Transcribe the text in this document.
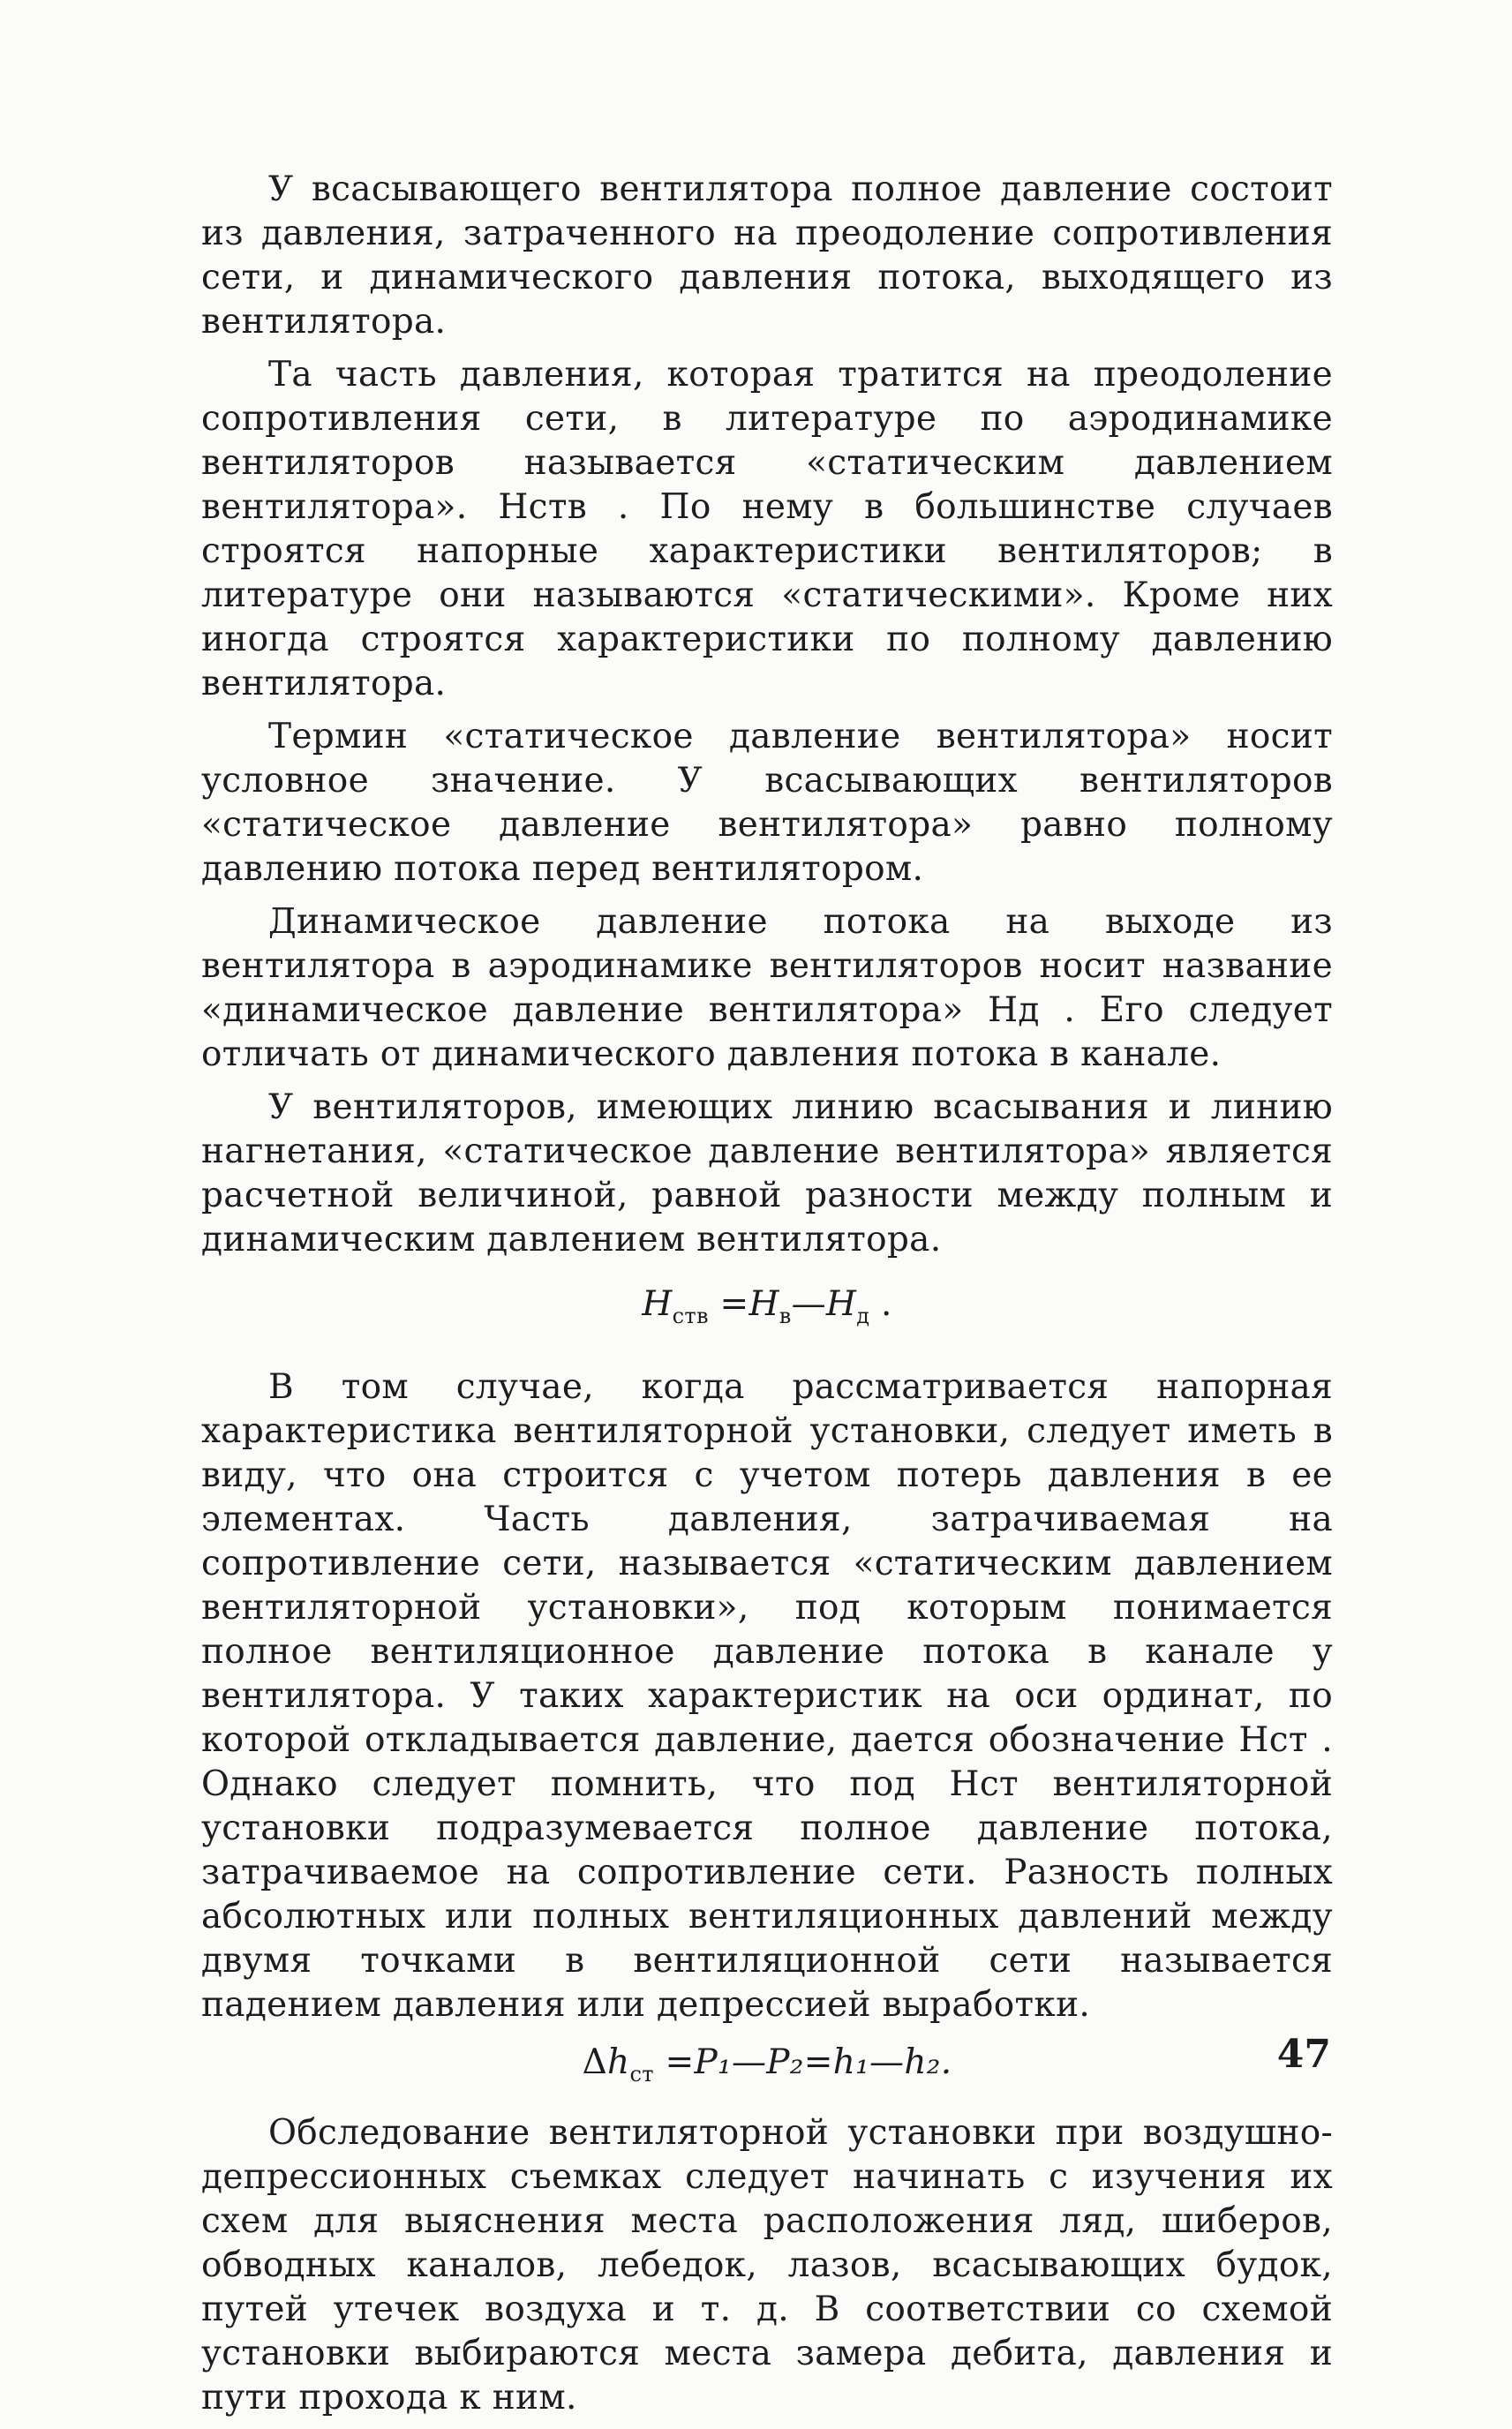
У всасывающего вентилятора полное давление состоит из давления, затраченного на преодоление сопротивления сети, и динамического давления потока, выходящего из вентилятора.

Та часть давления, которая тратится на преодоление сопротивления сети, в литературе по аэродинамике вентиляторов называется «статическим давлением вентилятора». Hств . По нему в большинстве случаев строятся напорные характеристики вентиляторов; в литературе они называются «статическими». Кроме них иногда строятся характеристики по полному давлению вентилятора.

Термин «статическое давление вентилятора» носит условное значение. У всасывающих вентиляторов «статическое давление вентилятора» равно полному давлению потока перед вентилятором.

Динамическое давление потока на выходе из вентилятора в аэродинамике вентиляторов носит название «динамическое давление вентилятора» Hд . Его следует отличать от динамического давления потока в канале.

У вентиляторов, имеющих линию всасывания и линию нагнетания, «статическое давление вентилятора» является расчетной величиной, равной разности между полным и динамическим давлением вентилятора.

$H_{ств}$ $=H_в—H_д$ .

В том случае, когда рассматривается напорная характеристика вентиляторной установки, следует иметь в виду, что она строится с учетом потерь давления в ее элементах. Часть давления, затрачиваемая на сопротивление сети, называется «статическим давлением вентиляторной установки», под которым понимается полное вентиляционное давление потока в канале у вентилятора. У таких характеристик на оси ординат, по которой откладывается давление, дается обозначение Hст . Однако следует помнить, что под Hст вентиляторной установки подразумевается полное давление потока, затрачиваемое на сопротивление сети. Разность полных абсолютных или полных вентиляционных давлений между двумя точками в вентиляционной сети называется падением давления или депрессией выработки.

$\Delta h_{ст}$ =P₁—P₂=h₁—h₂.

Обследование вентиляторной установки при воздушно-депрессионных съемках следует начинать с изучения их схем для выяснения места расположения ляд, шиберов, обводных каналов, лебедок, лазов, всасывающих будок, путей утечек воздуха и т. д. В соответствии со схемой установки выбираются места замера дебита, давления и пути прохода к ним.

47
